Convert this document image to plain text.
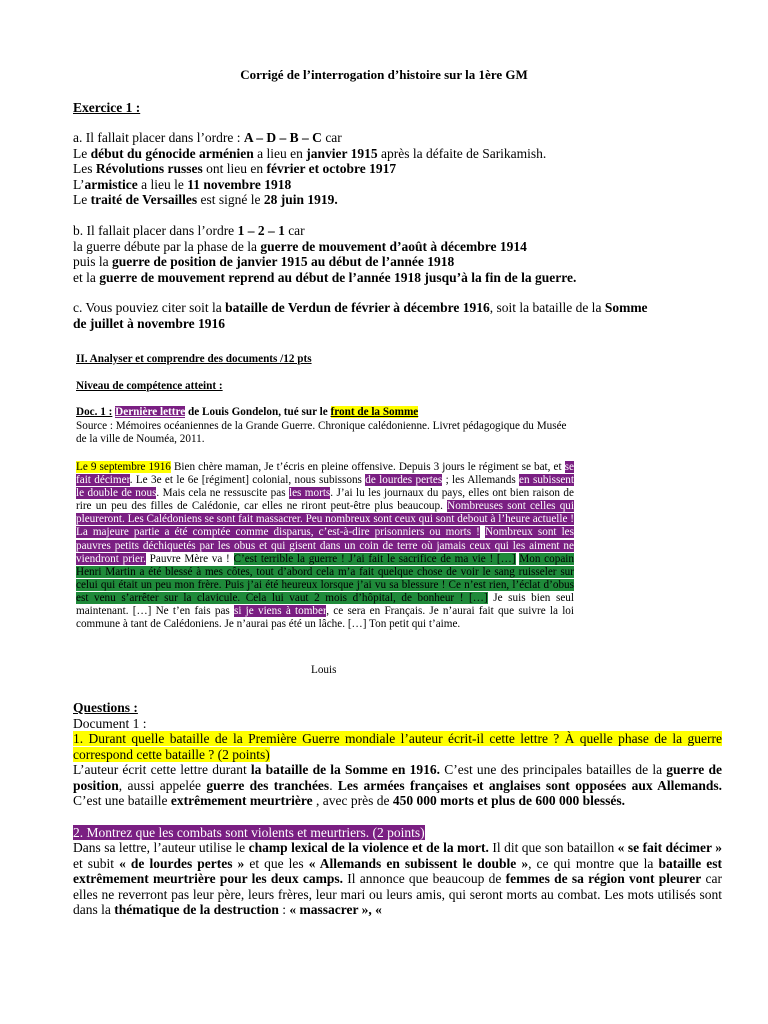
Corrigé de l’interrogation d’histoire sur la 1ère GM
Exercice 1 :

a. Il fallait placer dans l’ordre : A – D – B – C car

Le début du génocide arménien a lieu en janvier 1915 après la défaite de Sarikamish.

Les Révolutions russes ont lieu en février et octobre 1917

L’armistice a lieu le 11 novembre 1918

Le traité de Versailles est signé le 28 juin 1919.

b. Il fallait placer dans l’ordre 1 – 2 – 1 car

la guerre débute par la phase de la guerre de mouvement d’août à décembre 1914

puis la guerre de position de janvier 1915 au début de l’année 1918

et la guerre de mouvement reprend au début de l’année 1918 jusqu’à la fin de la guerre.

c. Vous pouviez citer soit la bataille de Verdun de février à décembre 1916, soit la bataille de la Somme
de juillet à novembre 1916

II. Analyser et comprendre des documents /12 pts

Niveau de compétence atteint :

Doc. 1 : Dernière lettre de Louis Gondelon, tué sur le front de la Somme

Source : Mémoires océaniennes de la Grande Guerre. Chronique calédonienne. Livret pédagogique du Musée de la ville de Nouméa, 2011.

Le 9 septembre 1916 Bien chère maman, Je t’écris en pleine offensive. Depuis 3 jours le régiment se bat, et se fait décimer. Le 3e et le 6e [régiment] colonial, nous subissons de lourdes pertes ; les Allemands en subissent le double de nous. Mais cela ne ressuscite pas les morts. J’ai lu les journaux du pays, elles ont bien raison de rire un peu des filles de Calédonie, car elles ne riront peut-être plus beaucoup. Nombreuses sont celles qui pleureront. Les Calédoniens se sont fait massacrer. Peu nombreux sont ceux qui sont debout à l’heure actuelle ! La majeure partie a été comptée comme disparus, c’est-à-dire prisonniers ou morts ! Nombreux sont les pauvres petits déchiquetés par les obus et qui gisent dans un coin de terre où jamais ceux qui les aiment ne viendront prier. Pauvre Mère va ! C’est terrible la guerre ! J’ai fait le sacrifice de ma vie ! […] Mon copain Henri Martin a été blessé à mes côtes, tout d’abord cela m’a fait quelque chose de voir le sang ruisseler sur celui qui était un peu mon frère. Puis j’ai été heureux lorsque j’ai vu sa blessure ! Ce n’est rien, l’éclat d’obus est venu s’arrêter sur la clavicule. Cela lui vaut 2 mois d’hôpital, de bonheur ! […] Je suis bien seul maintenant. […] Ne t’en fais pas si je viens à tomber, ce sera en Français. Je n’aurai fait que suivre la loi commune à tant de Calédoniens. Je n’aurai pas été un lâche. […] Ton petit qui t’aime.

Louis

Questions :

Document 1 :

1. Durant quelle bataille de la Première Guerre mondiale l’auteur écrit-il cette lettre ? À quelle phase de la guerre correspond cette bataille ? (2 points)

L’auteur écrit cette lettre durant la bataille de la Somme en 1916. C’est une des principales batailles de la guerre de position, aussi appelée guerre des tranchées. Les armées françaises et anglaises sont opposées aux Allemands. C’est une bataille extrêmement meurtrière , avec près de 450 000 morts et plus de 600 000 blessés.

2. Montrez que les combats sont violents et meurtriers. (2 points)

Dans sa lettre, l’auteur utilise le champ lexical de la violence et de la mort. Il dit que son bataillon « se fait décimer » et subit « de lourdes pertes » et que les « Allemands en subissent le double », ce qui montre que la bataille est extrêmement meurtrière pour les deux camps. Il annonce que beaucoup de femmes de sa région vont pleurer car elles ne reverront pas leur père, leurs frères, leur mari ou leurs amis, qui seront morts au combat. Les mots utilisés sont dans la thématique de la destruction : « massacrer », «
